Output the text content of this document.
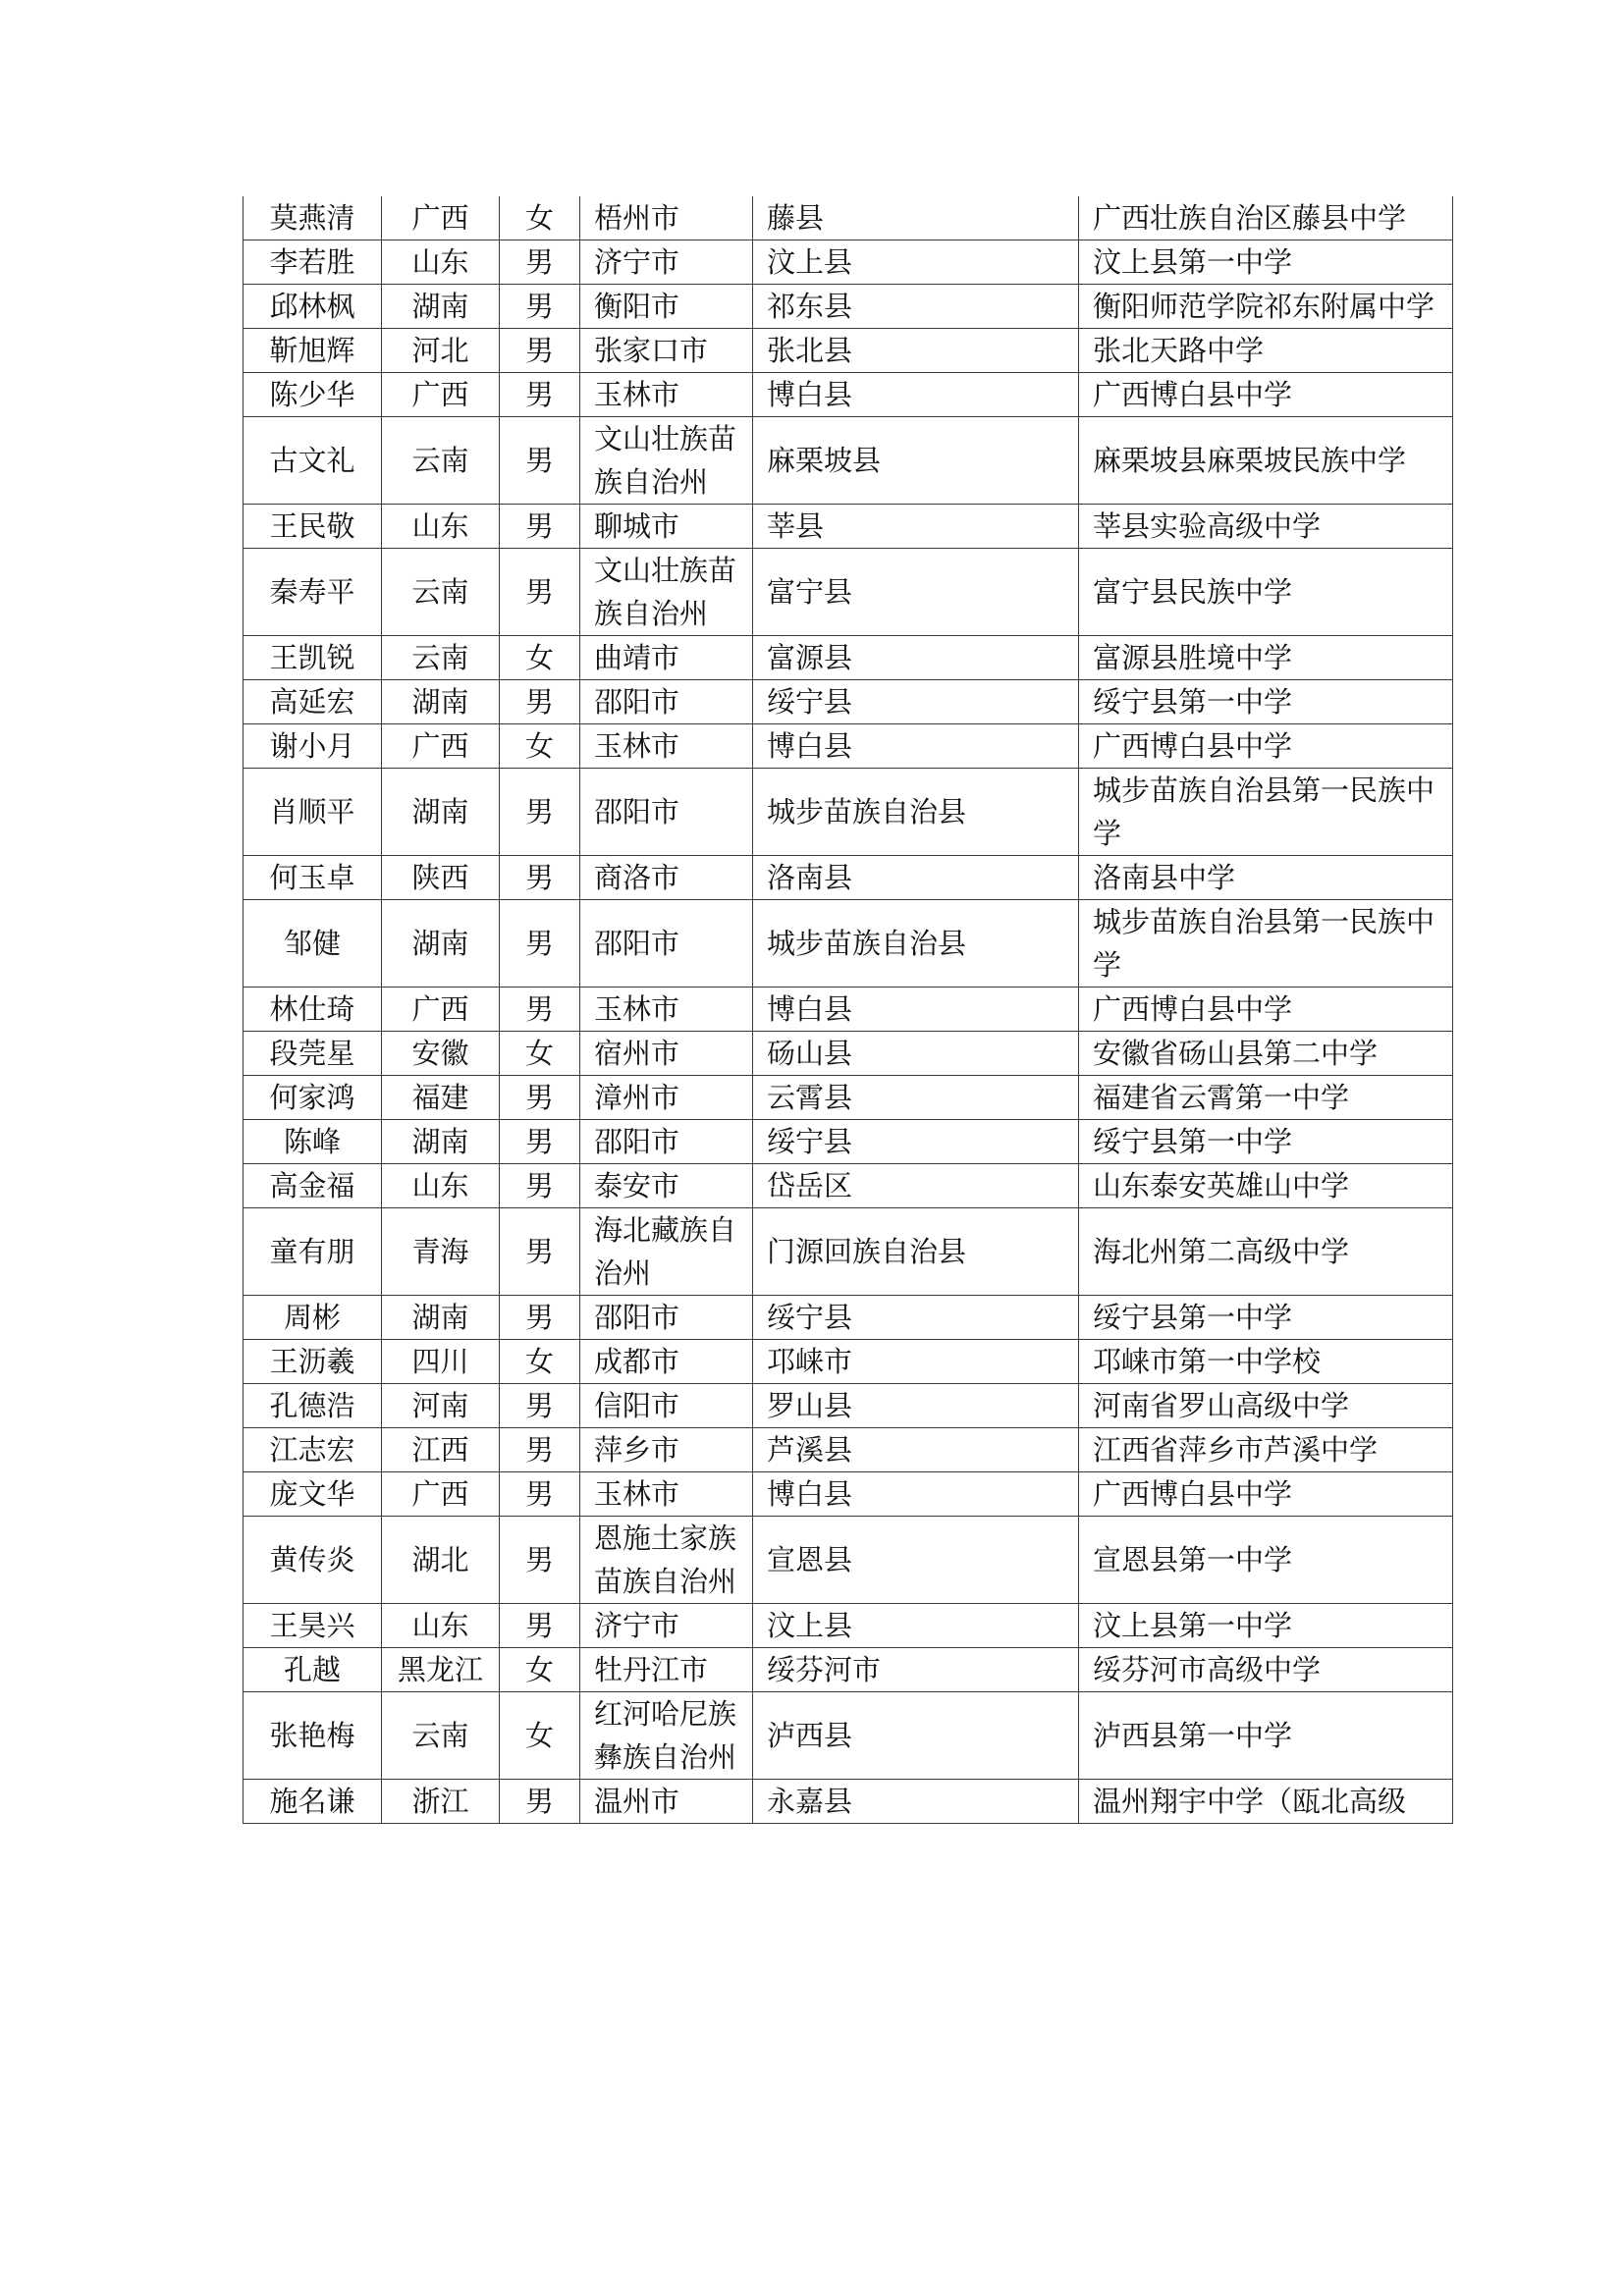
莫燕清	广西	女	梧州市	藤县	广西壮族自治区藤县中学
李若胜	山东	男	济宁市	汶上县	汶上县第一中学
邱林枫	湖南	男	衡阳市	祁东县	衡阳师范学院祁东附属中学
靳旭辉	河北	男	张家口市	张北县	张北天路中学
陈少华	广西	男	玉林市	博白县	广西博白县中学
古文礼	云南	男	文山壮族苗族自治州	麻栗坡县	麻栗坡县麻栗坡民族中学
王民敬	山东	男	聊城市	莘县	莘县实验高级中学
秦寿平	云南	男	文山壮族苗族自治州	富宁县	富宁县民族中学
王凯锐	云南	女	曲靖市	富源县	富源县胜境中学
高延宏	湖南	男	邵阳市	绥宁县	绥宁县第一中学
谢小月	广西	女	玉林市	博白县	广西博白县中学
肖顺平	湖南	男	邵阳市	城步苗族自治县	城步苗族自治县第一民族中学
何玉卓	陕西	男	商洛市	洛南县	洛南县中学
邹健	湖南	男	邵阳市	城步苗族自治县	城步苗族自治县第一民族中学
林仕琦	广西	男	玉林市	博白县	广西博白县中学
段莞星	安徽	女	宿州市	砀山县	安徽省砀山县第二中学
何家鸿	福建	男	漳州市	云霄县	福建省云霄第一中学
陈峰	湖南	男	邵阳市	绥宁县	绥宁县第一中学
高金福	山东	男	泰安市	岱岳区	山东泰安英雄山中学
童有朋	青海	男	海北藏族自治州	门源回族自治县	海北州第二高级中学
周彬	湖南	男	邵阳市	绥宁县	绥宁县第一中学
王沥羲	四川	女	成都市	邛崃市	邛崃市第一中学校
孔德浩	河南	男	信阳市	罗山县	河南省罗山高级中学
江志宏	江西	男	萍乡市	芦溪县	江西省萍乡市芦溪中学
庞文华	广西	男	玉林市	博白县	广西博白县中学
黄传炎	湖北	男	恩施土家族苗族自治州	宣恩县	宣恩县第一中学
王昊兴	山东	男	济宁市	汶上县	汶上县第一中学
孔越	黑龙江	女	牡丹江市	绥芬河市	绥芬河市高级中学
张艳梅	云南	女	红河哈尼族彝族自治州	泸西县	泸西县第一中学
施名谦	浙江	男	温州市	永嘉县	温州翔宇中学（瓯北高级
